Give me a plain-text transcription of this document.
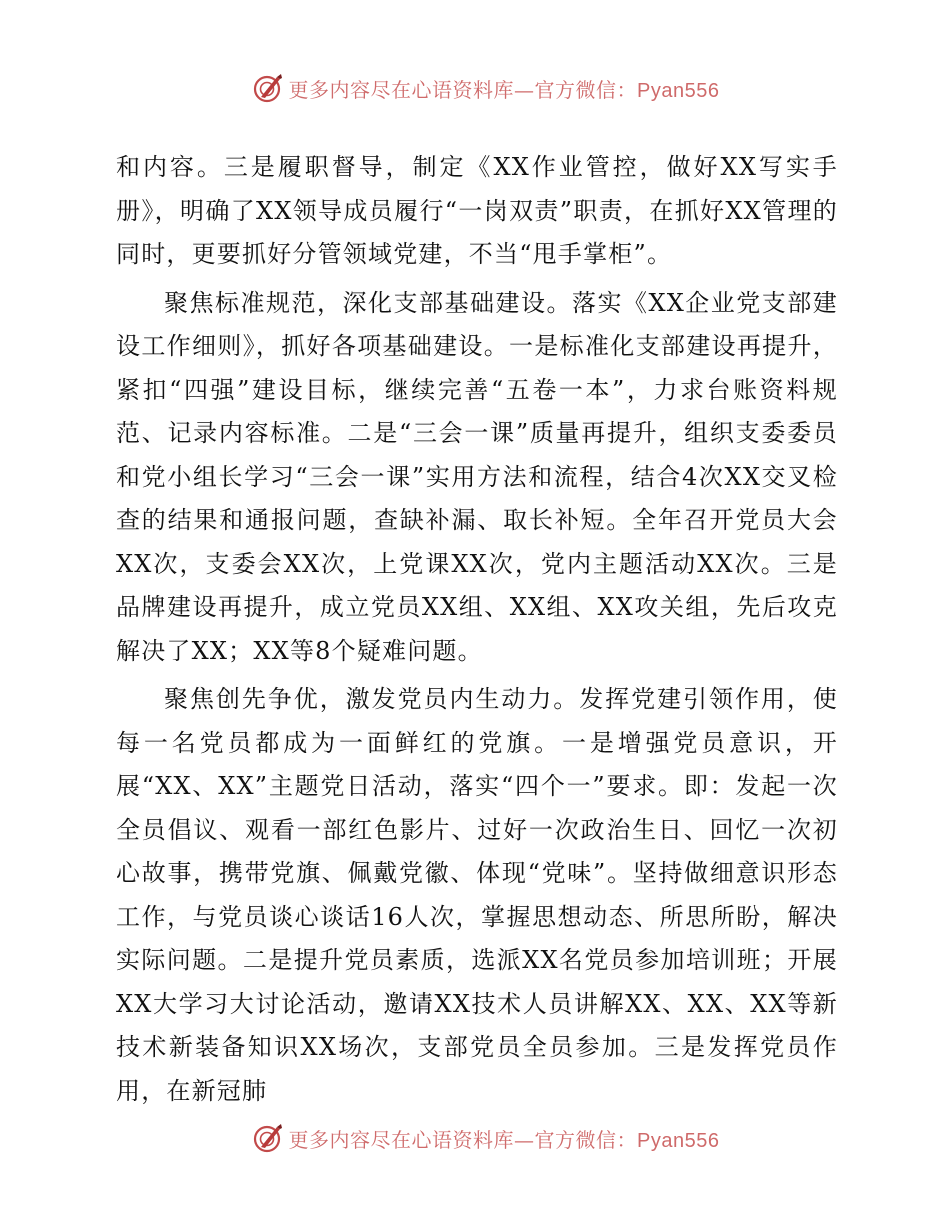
更多内容尽在心语资料库—官方微信：Pyan556

和内容。三是履职督导，制定《XX作业管控，做好XX写实手册》，明确了XX领导成员履行“一岗双责”职责，在抓好XX管理的同时，更要抓好分管领域党建，不当“甩手掌柜”。

聚焦标准规范，深化支部基础建设。落实《XX企业党支部建设工作细则》，抓好各项基础建设。一是标准化支部建设再提升，紧扣“四强”建设目标，继续完善“五卷一本”，力求台账资料规范、记录内容标准。二是“三会一课”质量再提升，组织支委委员和党小组长学习“三会一课”实用方法和流程，结合4次XX交叉检查的结果和通报问题，查缺补漏、取长补短。全年召开党员大会XX次，支委会XX次，上党课XX次，党内主题活动XX次。三是品牌建设再提升，成立党员XX组、XX组、XX攻关组，先后攻克解决了XX；XX等8个疑难问题。

聚焦创先争优，激发党员内生动力。发挥党建引领作用，使每一名党员都成为一面鲜红的党旗。一是增强党员意识，开展“XX、XX”主题党日活动，落实“四个一”要求。即：发起一次全员倡议、观看一部红色影片、过好一次政治生日、回忆一次初心故事，携带党旗、佩戴党徽、体现“党味”。坚持做细意识形态工作，与党员谈心谈话16人次，掌握思想动态、所思所盼，解决实际问题。二是提升党员素质，选派XX名党员参加培训班；开展XX大学习大讨论活动，邀请XX技术人员讲解XX、XX、XX等新技术新装备知识XX场次，支部党员全员参加。三是发挥党员作用，在新冠肺

更多内容尽在心语资料库—官方微信：Pyan556
